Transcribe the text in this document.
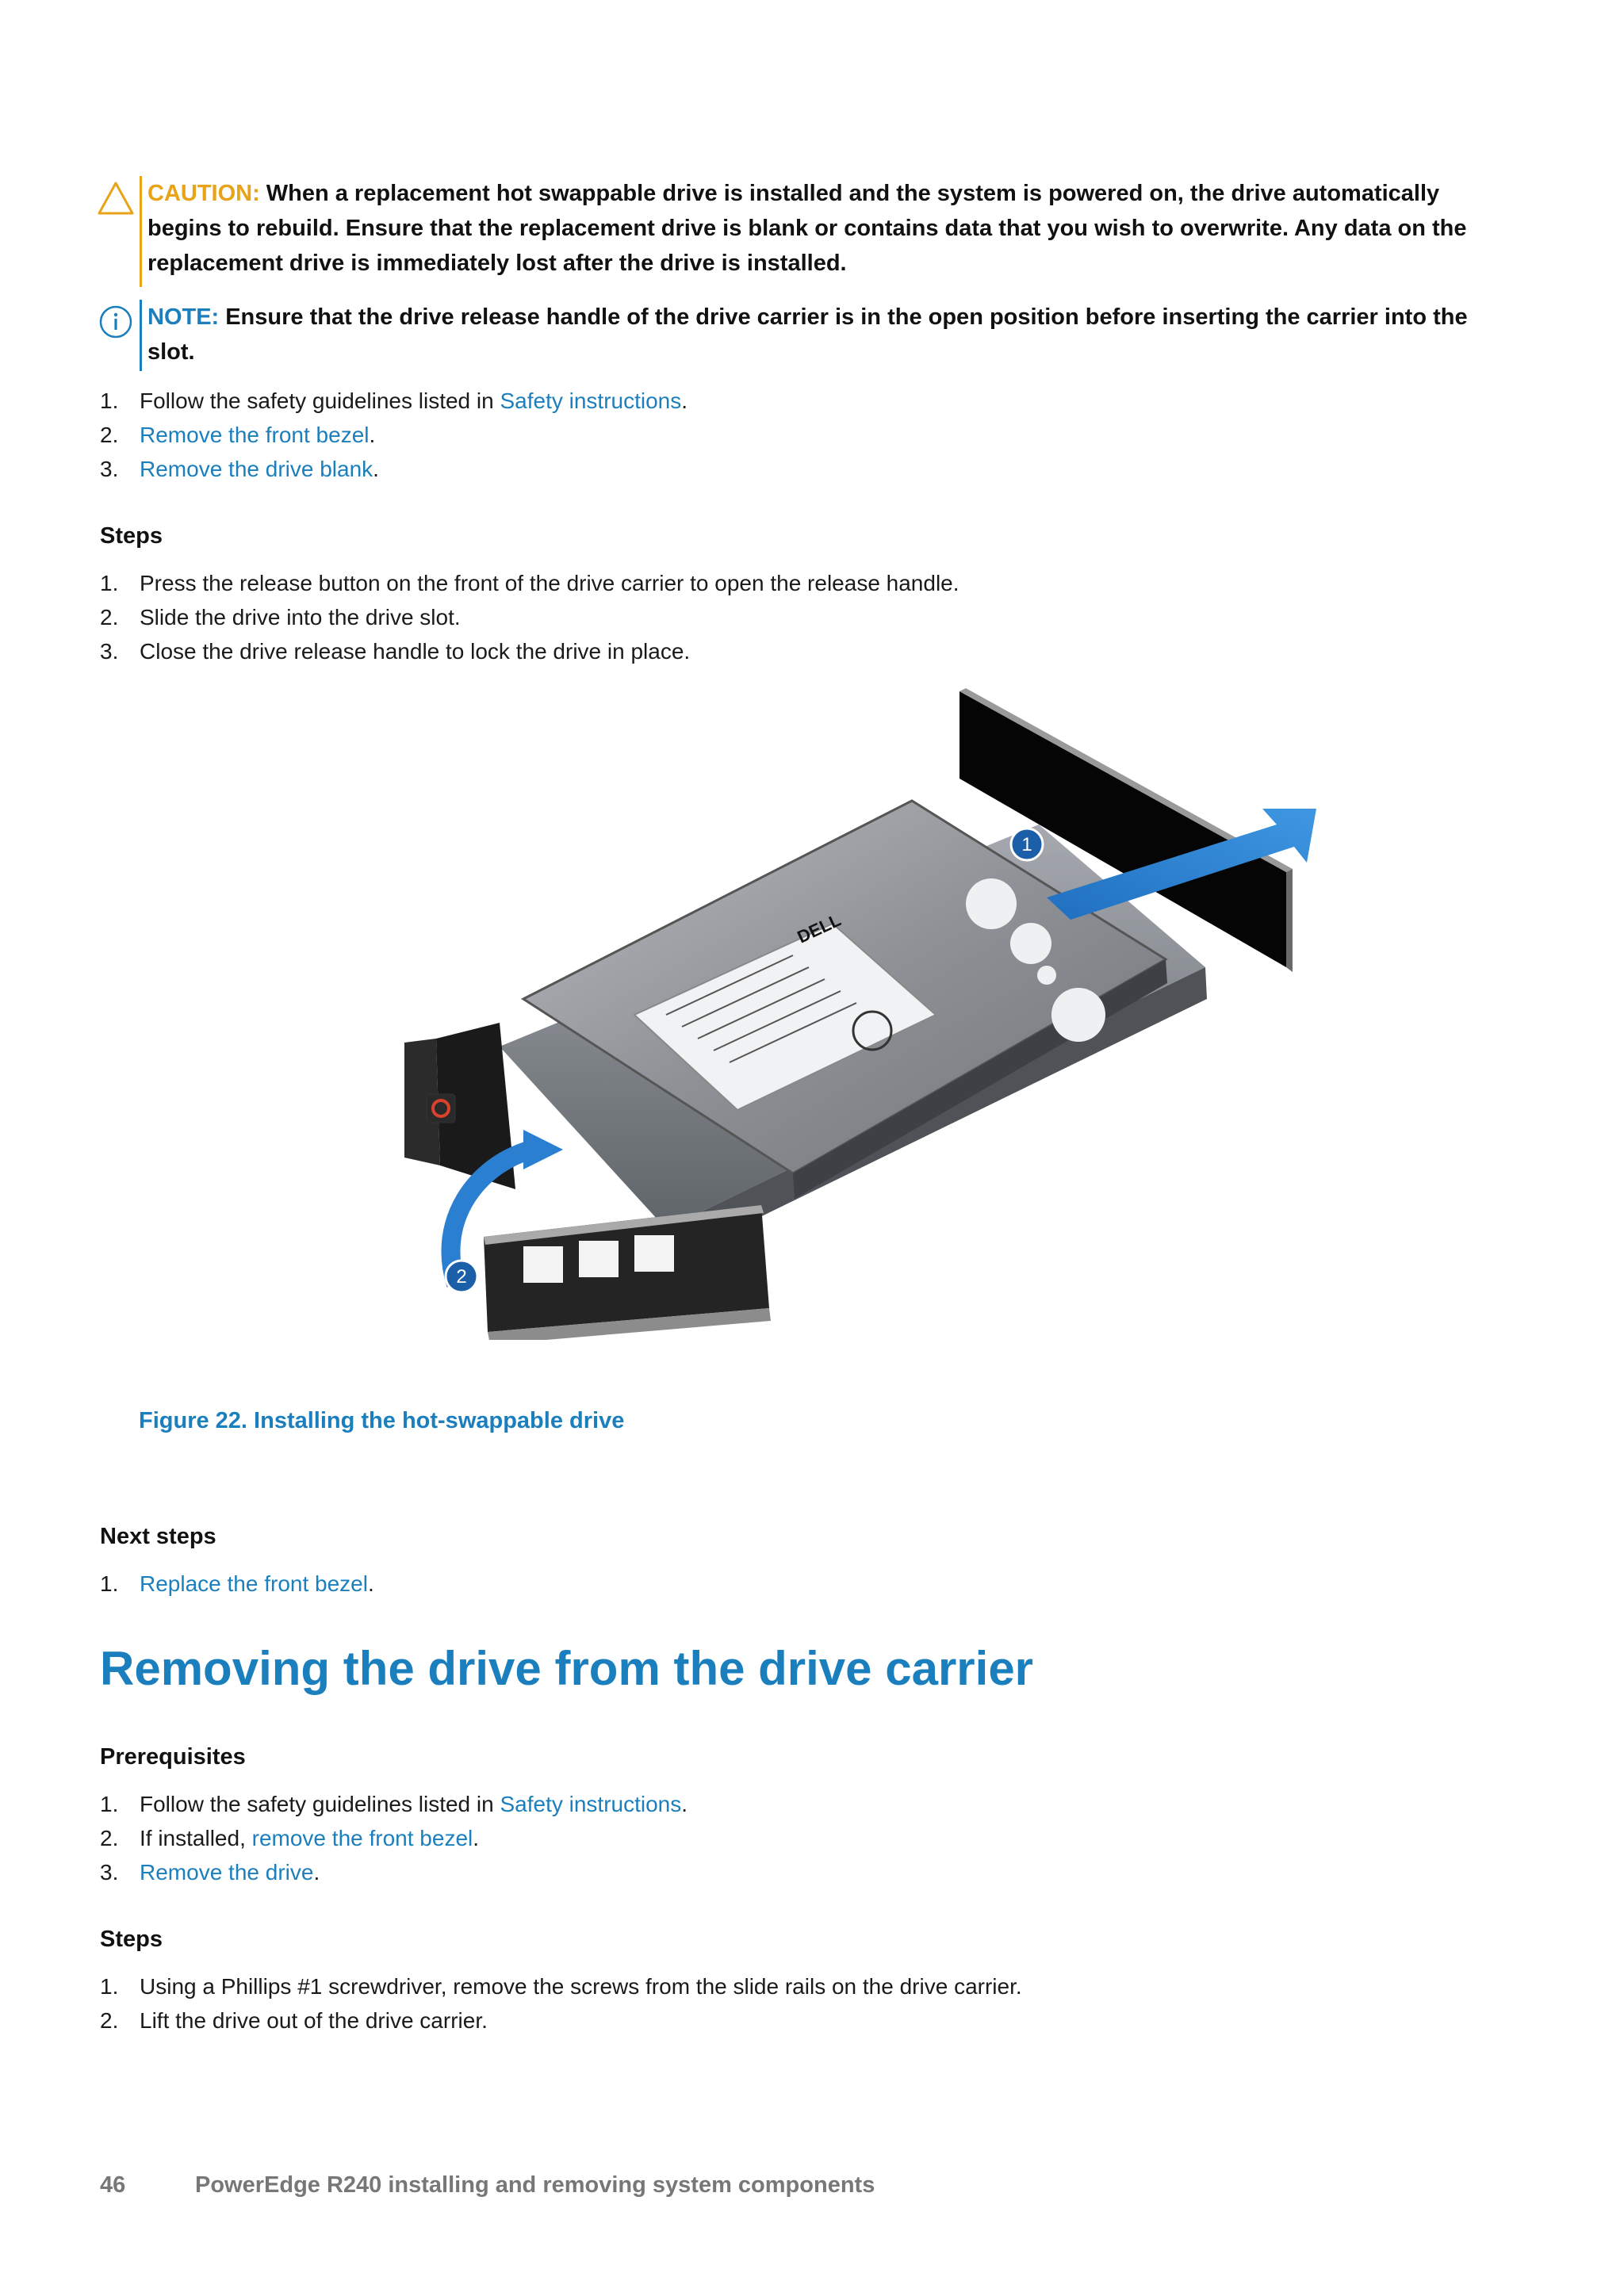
CAUTION: When a replacement hot swappable drive is installed and the system is powered on, the drive automatically begins to rebuild. Ensure that the replacement drive is blank or contains data that you wish to overwrite. Any data on the replacement drive is immediately lost after the drive is installed.
NOTE: Ensure that the drive release handle of the drive carrier is in the open position before inserting the carrier into the slot.
1. Follow the safety guidelines listed in Safety instructions.
2. Remove the front bezel.
3. Remove the drive blank.
Steps
1. Press the release button on the front of the drive carrier to open the release handle.
2. Slide the drive into the drive slot.
3. Close the drive release handle to lock the drive in place.
DELL
1
2
Figure 22. Installing the hot-swappable drive
Next steps
1. Replace the front bezel.
Removing the drive from the drive carrier
Prerequisites
1. Follow the safety guidelines listed in Safety instructions.
2. If installed, remove the front bezel.
3. Remove the drive.
Steps
1. Using a Phillips #1 screwdriver, remove the screws from the slide rails on the drive carrier.
2. Lift the drive out of the drive carrier.
46	PowerEdge R240 installing and removing system components
